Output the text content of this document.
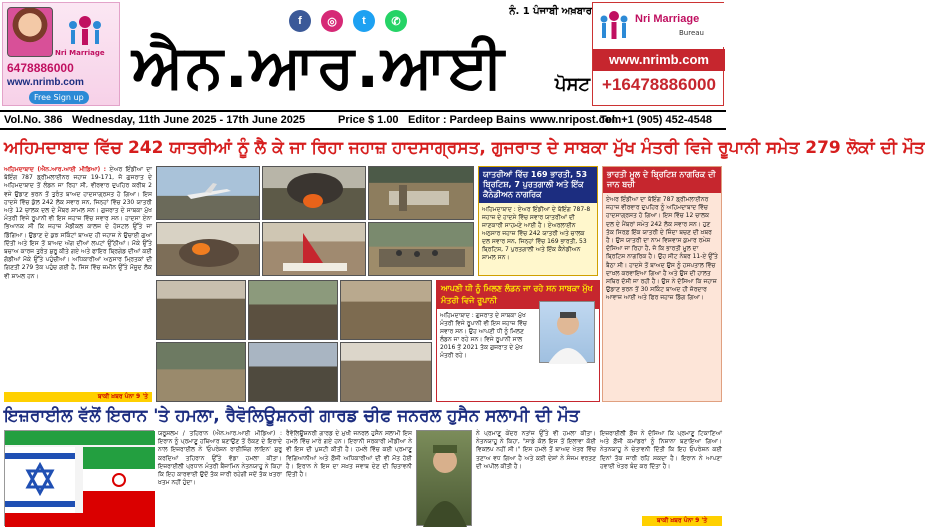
Nri Marriage
6478886000
www.nrimb.com
Free Sign up
f	◎	t	✆
ਨੰ. 1 ਪੰਜਾਬੀ ਅਖ਼ਬਾਰ
ਐਨ.ਆਰ.ਆਈ	ਪੋਸਟ
Nri Marriage
Bureau
www.nrimb.com
+16478886000
Vol.No. 386 Wednesday, 11th June 2025 - 17th June 2025	Price $ 1.00 Editor : Pardeep Bains www.nripost.com
Tel. +1 (905) 452-4548
ਅਹਿਮਦਾਬਾਦ ਵਿੱਚ 242 ਯਾਤਰੀਆਂ ਨੂੰ ਲੈ ਕੇ ਜਾ ਰਿਹਾ ਜਹਾਜ਼ ਹਾਦਸਾਗ੍ਰਸਤ, ਗੁਜਰਾਤ ਦੇ ਸਾਬਕਾ ਮੁੱਖ ਮੰਤਰੀ ਵਿਜੇ ਰੂਪਾਨੀ ਸਮੇਤ 279 ਲੋਕਾਂ ਦੀ ਮੌਤ
ਅਹਿਮਦਾਬਾਦ (ਐਨ.ਆਰ.ਆਈ ਮੀਡਿਆ) : ਏਅਰ ਇੰਡੀਆ ਦਾ ਬੋਇੰਗ 787 ਡ੍ਰੀਮਲਾਈਨਰ ਜਹਾਜ਼ 19-171, ਜੋ ਗੁਜਰਾਤ ਦੇ ਅਹਿਮਦਾਬਾਦ ਤੋਂ ਲੰਡਨ ਜਾ ਰਿਹਾ ਸੀ, ਵੀਰਵਾਰ ਦੁਪਹਿਰ ਕਰੀਬ 2 ਵਜੇ ਉਡਾਣ ਭਰਨ ਤੋਂ ਤੁਰੰਤ ਬਾਅਦ ਹਾਦਸਾਗ੍ਰਸਤ ਹੋ ਗਿਆ। ਇਸ ਹਾਦਸੇ ਵਿੱਚ ਕੁੱਲ 242 ਲੋਕ ਸਵਾਰ ਸਨ, ਜਿਨ੍ਹਾਂ ਵਿੱਚ 230 ਯਾਤਰੀ ਅਤੇ 12 ਚਾਲਕ ਦਲ ਦੇ ਮੈਂਬਰ ਸ਼ਾਮਲ ਸਨ। ਗੁਜਰਾਤ ਦੇ ਸਾਬਕਾ ਮੁੱਖ ਮੰਤਰੀ ਵਿਜੇ ਰੂਪਾਨੀ ਵੀ ਇਸ ਜਹਾਜ਼ ਵਿੱਚ ਸਵਾਰ ਸਨ। ਹਾਦਸਾ ਏਨਾ ਭਿਆਨਕ ਸੀ ਕਿ ਜਹਾਜ਼ ਮੈਡੀਕਲ ਕਾਲਜ ਦੇ ਹੋਸਟਲ ਉੱਤੇ ਜਾ ਡਿੱਗਿਆ। ਉਡਾਣ ਦੇ ਕੁਝ ਸਕਿੰਟਾਂ ਬਾਅਦ ਹੀ ਜਹਾਜ਼ ਨੇ ਉਚਾਈ ਗੁਆ ਦਿੱਤੀ ਅਤੇ ਇਸ ਤੋਂ ਬਾਅਦ ਅੱਗ ਦੀਆਂ ਲਪਟਾਂ ਉੱਠੀਆਂ। ਮੌਕੇ ਉੱਤੇ ਬਚਾਅ ਕਾਰਜ ਤੁਰੰਤ ਸ਼ੁਰੂ ਕੀਤੇ ਗਏ ਅਤੇ ਫਾਇਰ ਬ੍ਰਿਗੇਡ ਦੀਆਂ ਕਈ ਗੱਡੀਆਂ ਮੌਕੇ ਉੱਤੇ ਪਹੁੰਚੀਆਂ। ਅਧਿਕਾਰੀਆਂ ਅਨੁਸਾਰ ਮ੍ਰਿਤਕਾਂ ਦੀ ਗਿਣਤੀ 279 ਤੱਕ ਪਹੁੰਚ ਗਈ ਹੈ, ਜਿਸ ਵਿੱਚ ਜ਼ਮੀਨ ਉੱਤੇ ਮੌਜੂਦ ਲੋਕ ਵੀ ਸ਼ਾਮਲ ਹਨ।
ਬਾਕੀ ਖ਼ਬਰ ਪੰਨਾ 9 'ਤੇ
ਯਾਤਰੀਆਂ ਵਿੱਚ 169 ਭਾਰਤੀ, 53 ਬ੍ਰਿਟਿਸ਼, 7 ਪੁਰਤਗਾਲੀ ਅਤੇ ਇੱਕ ਕੈਨੇਡੀਅਨ ਨਾਗਰਿਕ
ਅਹਿਮਦਾਬਾਦ : ਏਅਰ ਇੰਡੀਆ ਦੇ ਬੋਇੰਗ 787-8 ਜਹਾਜ਼ ਦੇ ਹਾਦਸੇ ਵਿੱਚ ਸਵਾਰ ਯਾਤਰੀਆਂ ਦੀ ਜਾਣਕਾਰੀ ਸਾਹਮਣੇ ਆਈ ਹੈ। ਏਅਰਲਾਈਨ ਅਨੁਸਾਰ ਜਹਾਜ਼ ਵਿੱਚ 242 ਯਾਤਰੀ ਅਤੇ ਚਾਲਕ ਦਲ ਸਵਾਰ ਸਨ, ਜਿਨ੍ਹਾਂ ਵਿੱਚ 169 ਭਾਰਤੀ, 53 ਬ੍ਰਿਟਿਸ਼, 7 ਪੁਰਤਗਾਲੀ ਅਤੇ ਇੱਕ ਕੈਨੇਡੀਅਨ ਸ਼ਾਮਲ ਸਨ।
ਭਾਰਤੀ ਮੂਲ ਦੇ ਬ੍ਰਿਟਿਸ਼ ਨਾਗਰਿਕ ਦੀ ਜਾਨ ਬਚੀ
ਏਅਰ ਇੰਡੀਆ ਦਾ ਬੋਇੰਗ 787 ਡ੍ਰੀਮਲਾਈਨਰ ਜਹਾਜ਼ ਵੀਰਵਾਰ ਦੁਪਹਿਰ ਨੂੰ ਅਹਿਮਦਾਬਾਦ ਵਿੱਚ ਹਾਦਸਾਗ੍ਰਸਤ ਹੋ ਗਿਆ। ਇਸ ਵਿੱਚ 12 ਚਾਲਕ ਦਲ ਦੇ ਮੈਂਬਰਾਂ ਸਮੇਤ 242 ਲੋਕ ਸਵਾਰ ਸਨ। ਹੁਣ ਤੱਕ ਸਿਰਫ਼ ਇੱਕ ਯਾਤਰੀ ਦੇ ਜ਼ਿੰਦਾ ਬਚਣ ਦੀ ਖ਼ਬਰ ਹੈ। ਉਸ ਯਾਤਰੀ ਦਾ ਨਾਮ ਵਿਸ਼ਵਾਸ ਕੁਮਾਰ ਰਮੇਸ਼ ਦੱਸਿਆ ਜਾ ਰਿਹਾ ਹੈ, ਜੋ ਕਿ ਭਾਰਤੀ ਮੂਲ ਦਾ ਬ੍ਰਿਟਿਸ਼ ਨਾਗਰਿਕ ਹੈ। ਉਹ ਸੀਟ ਨੰਬਰ 11-ਏ ਉੱਤੇ ਬੈਠਾ ਸੀ। ਹਾਦਸੇ ਤੋਂ ਬਾਅਦ ਉਸ ਨੂੰ ਹਸਪਤਾਲ ਵਿੱਚ ਦਾਖ਼ਲ ਕਰਵਾਇਆ ਗਿਆ ਹੈ ਅਤੇ ਉਸ ਦੀ ਹਾਲਤ ਸਥਿਰ ਦੱਸੀ ਜਾ ਰਹੀ ਹੈ। ਉਸ ਨੇ ਦੱਸਿਆ ਕਿ ਜਹਾਜ਼ ਉਡਾਣ ਭਰਨ ਤੋਂ 30 ਸਕਿੰਟ ਬਾਅਦ ਹੀ ਜ਼ੋਰਦਾਰ ਆਵਾਜ਼ ਆਈ ਅਤੇ ਫਿਰ ਜਹਾਜ਼ ਡਿੱਗ ਗਿਆ।
ਆਪਣੀ ਧੀ ਨੂੰ ਮਿਲਣ ਲੰਡਨ ਜਾ ਰਹੇ ਸਨ ਸਾਬਕਾ ਮੁੱਖ ਮੰਤਰੀ ਵਿਜੇ ਰੂਪਾਨੀ
ਅਹਿਮਦਾਬਾਦ : ਗੁਜਰਾਤ ਦੇ ਸਾਬਕਾ ਮੁੱਖ ਮੰਤਰੀ ਵਿਜੇ ਰੂਪਾਨੀ ਵੀ ਇਸ ਜਹਾਜ਼ ਵਿੱਚ ਸਵਾਰ ਸਨ। ਉਹ ਆਪਣੀ ਧੀ ਨੂੰ ਮਿਲਣ ਲੰਡਨ ਜਾ ਰਹੇ ਸਨ। ਵਿਜੇ ਰੂਪਾਨੀ ਸਾਲ 2016 ਤੋਂ 2021 ਤੱਕ ਗੁਜਰਾਤ ਦੇ ਮੁੱਖ ਮੰਤਰੀ ਰਹੇ।
ਇਜ਼ਰਾਈਲ ਵੱਲੋਂ ਇਰਾਨ 'ਤੇ ਹਮਲਾ, ਰੈਵੋਲਿਊਸ਼ਨਰੀ ਗਾਰਡ ਚੀਫ ਜਨਰਲ ਹੁਸੈਨ ਸਲਾਮੀ ਦੀ ਮੌਤ
ਯਰੂਸ਼ਲਮ / ਤਹਿਰਾਨ (ਐਨ.ਆਰ.ਆਈ ਮੀਡਿਆ) : ਇਰਾਨ ਨੂੰ ਪ੍ਰਮਾਣੂ ਹਥਿਆਰ ਬਣਾਉਣ ਤੋਂ ਰੋਕਣ ਦੇ ਇਰਾਦੇ ਨਾਲ ਇਜ਼ਰਾਈਲ ਨੇ 'ਓਪਰੇਸ਼ਨ ਰਾਈਜ਼ਿੰਗ ਲਾਇਨ' ਸ਼ੁਰੂ ਕਰਦਿਆਂ ਤਹਿਰਾਨ ਉੱਤੇ ਵੱਡਾ ਹਮਲਾ ਕੀਤਾ। ਇਜ਼ਰਾਈਲੀ ਪ੍ਰਧਾਨ ਮੰਤਰੀ ਬੈਂਜਾਮਿਨ ਨੇਤਨਯਾਹੂ ਨੇ ਕਿਹਾ ਕਿ ਇਹ ਕਾਰਵਾਈ ਉਦੋਂ ਤੱਕ ਜਾਰੀ ਰਹੇਗੀ ਜਦੋਂ ਤੱਕ ਖ਼ਤਰਾ ਖ਼ਤਮ ਨਹੀਂ ਹੁੰਦਾ।
ਰੈਵੋਲਿਊਸ਼ਨਰੀ ਗਾਰਡ ਦੇ ਮੁਖੀ ਜਨਰਲ ਹੁਸੈਨ ਸਲਾਮੀ ਇਸ ਹਮਲੇ ਵਿੱਚ ਮਾਰੇ ਗਏ ਹਨ। ਇਰਾਨੀ ਸਰਕਾਰੀ ਮੀਡੀਆ ਨੇ ਵੀ ਇਸ ਦੀ ਪੁਸ਼ਟੀ ਕੀਤੀ ਹੈ। ਹਮਲੇ ਵਿੱਚ ਕਈ ਪ੍ਰਮਾਣੂ ਵਿਗਿਆਨੀਆਂ ਅਤੇ ਫ਼ੌਜੀ ਅਧਿਕਾਰੀਆਂ ਦੀ ਵੀ ਮੌਤ ਹੋਈ ਹੈ। ਇਰਾਨ ਨੇ ਇਸ ਦਾ ਸਖ਼ਤ ਜਵਾਬ ਦੇਣ ਦੀ ਚਿਤਾਵਨੀ ਦਿੱਤੀ ਹੈ।
ਨੇ ਪ੍ਰਮਾਣੂ ਕੇਂਦਰ ਨਤਾਂਜ਼ ਉੱਤੇ ਵੀ ਹਮਲਾ ਕੀਤਾ। ਨੇਤਨਯਾਹੂ ਨੇ ਕਿਹਾ, "ਸਾਡੇ ਕੋਲ ਇਸ ਤੋਂ ਇਲਾਵਾ ਕੋਈ ਵਿਕਲਪ ਨਹੀਂ ਸੀ।" ਇਸ ਹਮਲੇ ਤੋਂ ਬਾਅਦ ਖੇਤਰ ਵਿੱਚ ਤਣਾਅ ਵਧ ਗਿਆ ਹੈ ਅਤੇ ਕਈ ਦੇਸ਼ਾਂ ਨੇ ਸੰਜਮ ਵਰਤਣ ਦੀ ਅਪੀਲ ਕੀਤੀ ਹੈ।
ਇਜ਼ਰਾਈਲੀ ਫ਼ੌਜ ਨੇ ਦੱਸਿਆ ਕਿ ਪ੍ਰਮਾਣੂ ਟਿਕਾਣਿਆਂ ਅਤੇ ਫ਼ੌਜੀ ਕਮਾਂਡਰਾਂ ਨੂੰ ਨਿਸ਼ਾਨਾ ਬਣਾਇਆ ਗਿਆ। ਨੇਤਨਯਾਹੂ ਨੇ ਚੇਤਾਵਨੀ ਦਿੱਤੀ ਕਿ ਇਹ ਓਪਰੇਸ਼ਨ ਕਈ ਦਿਨਾਂ ਤੱਕ ਜਾਰੀ ਰਹਿ ਸਕਦਾ ਹੈ। ਇਰਾਨ ਨੇ ਆਪਣਾ ਹਵਾਈ ਖੇਤਰ ਬੰਦ ਕਰ ਦਿੱਤਾ ਹੈ।
ਬਾਕੀ ਖ਼ਬਰ ਪੰਨਾ 9 'ਤੇ
